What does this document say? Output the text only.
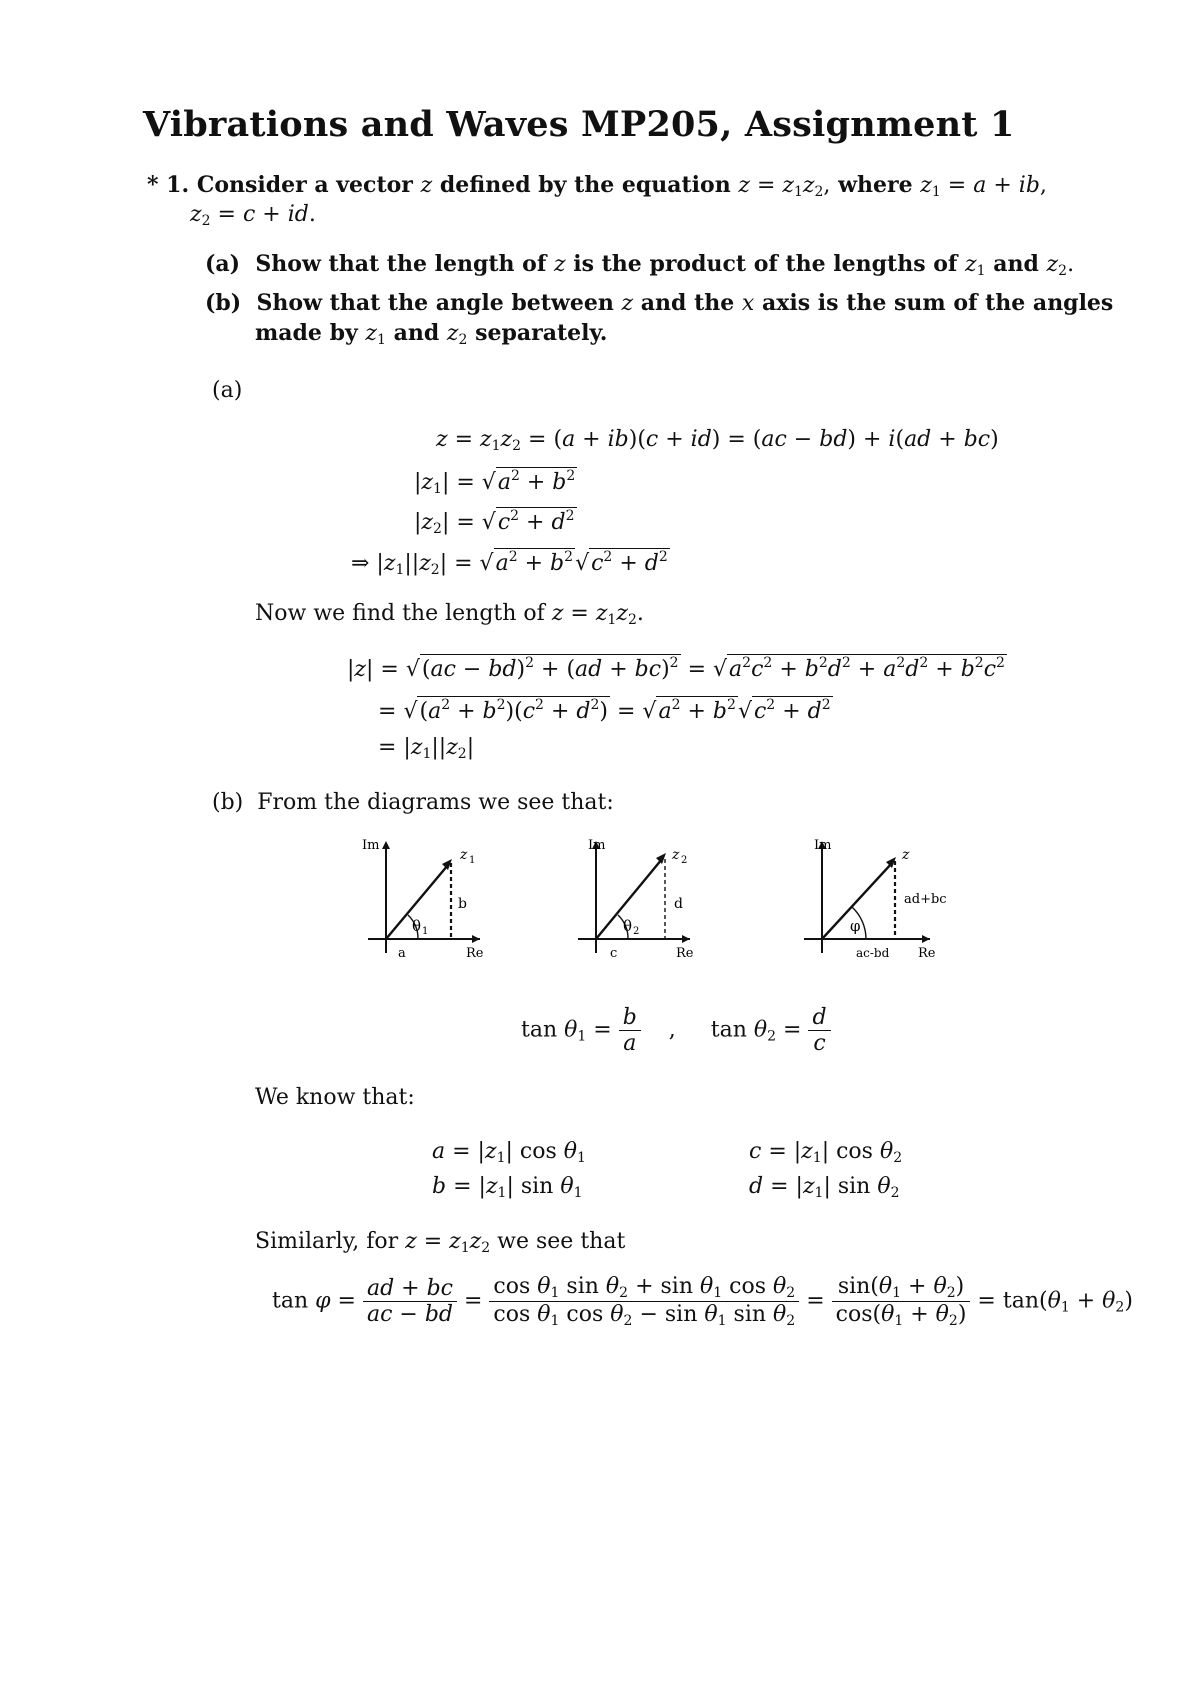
Vibrations and Waves MP205, Assignment 1
* 1. Consider a vector z defined by the equation $z = z_1z_2$, where $z_1 = a$ + ib,
$z_2 = c$ + id.
(a) Show that the length of z is the product of the lengths of $z_1$ and $z_2$.
(b) Show that the angle between z and the x axis is the sum of the angles
made by $z_1$ and $z_2$ separately.
(a)
$z = z_1z_2 = (a + ib)(c + id) = (ac - bd) + i(ad + bc)$
$|z_1| = √a^2 + b^2$
$|z_2| = √c^2 + d^2$
⇒ $|z_1||z_2| = √a^2 + b^2√c^2 + d^2$
Now we find the length of $z = z_1z_2$.
$|z| = √(ac - bd)^2 + (ad + bc)^2 = √a^2c^2 + b^2d^2 + a^2d^2 + b^2c^2$
= $√(a^2 + b^2)(c^2 + d^2) = √a^2 + b^2√c^2 + d^2$
= $|z_1||z_2|$
(b) From the diagrams we see that:
Im
Re
z 1
b
a
θ 1
Im
Re
z 2
d
c
θ 2
Im
Re
z
ad+bc
ac-bd
φ
$\tan \theta_1 = \frac{b}{a}$ ,     $\tan \theta_2 = \frac{d}{c}$
We know that:
$a = |z_1|$ $\cos \theta_1$
$b = |z_1|$ $\sin \theta_1$
$c = |z_1|$ $\cos \theta_2$
$d = |z_1|$ $\sin \theta_2$
Similarly, for $z = z_1z_2$ we see that
$\tan \varphi = \frac{ad + bc}{ac - bd} = \frac{\cos \theta_1 \sin \theta_2 + \sin \theta_1 \cos \theta_2}{\cos \theta_1 \cos \theta_2 - \sin \theta_1 \sin \theta_2} = \frac{\sin(\theta_1 + \theta_2)}{\cos(\theta_1 + \theta_2)} = \tan(\theta_1 + \theta_2)$
